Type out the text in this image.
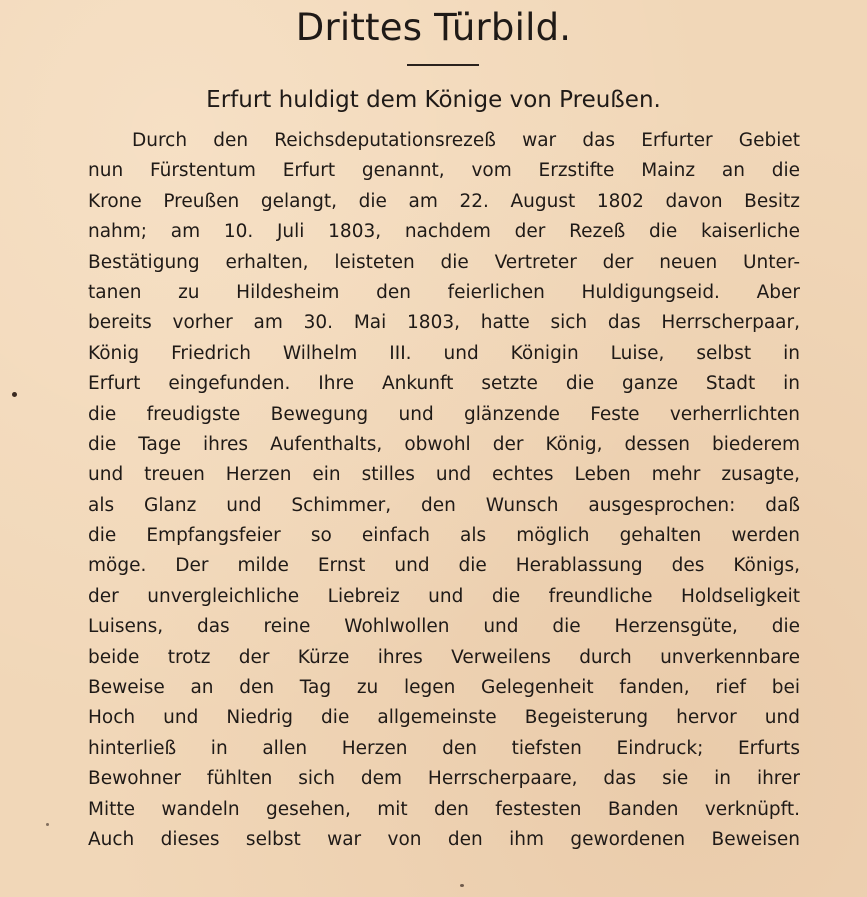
Drittes Türbild.
Erfurt huldigt dem Könige von Preußen.
Durch den Reichsdeputationsrezeß war das Erfurter Gebiet
nun Fürstentum Erfurt genannt, vom Erzstifte Mainz an die
Krone Preußen gelangt, die am 22. August 1802 davon Besitz
nahm; am 10. Juli 1803, nachdem der Rezeß die kaiserliche
Bestätigung erhalten, leisteten die Vertreter der neuen Unter-
tanen zu Hildesheim den feierlichen Huldigungseid. Aber
bereits vorher am 30. Mai 1803, hatte sich das Herrscherpaar,
König Friedrich Wilhelm III. und Königin Luise, selbst in
Erfurt eingefunden. Ihre Ankunft setzte die ganze Stadt in
die freudigste Bewegung und glänzende Feste verherrlichten
die Tage ihres Aufenthalts, obwohl der König, dessen biederem
und treuen Herzen ein stilles und echtes Leben mehr zusagte,
als Glanz und Schimmer, den Wunsch ausgesprochen: daß
die Empfangsfeier so einfach als möglich gehalten werden
möge. Der milde Ernst und die Herablassung des Königs,
der unvergleichliche Liebreiz und die freundliche Holdseligkeit
Luisens, das reine Wohlwollen und die Herzensgüte, die
beide trotz der Kürze ihres Verweilens durch unverkennbare
Beweise an den Tag zu legen Gelegenheit fanden, rief bei
Hoch und Niedrig die allgemeinste Begeisterung hervor und
hinterließ in allen Herzen den tiefsten Eindruck; Erfurts
Bewohner fühlten sich dem Herrscherpaare, das sie in ihrer
Mitte wandeln gesehen, mit den festesten Banden verknüpft.
Auch dieses selbst war von den ihm gewordenen Beweisen
